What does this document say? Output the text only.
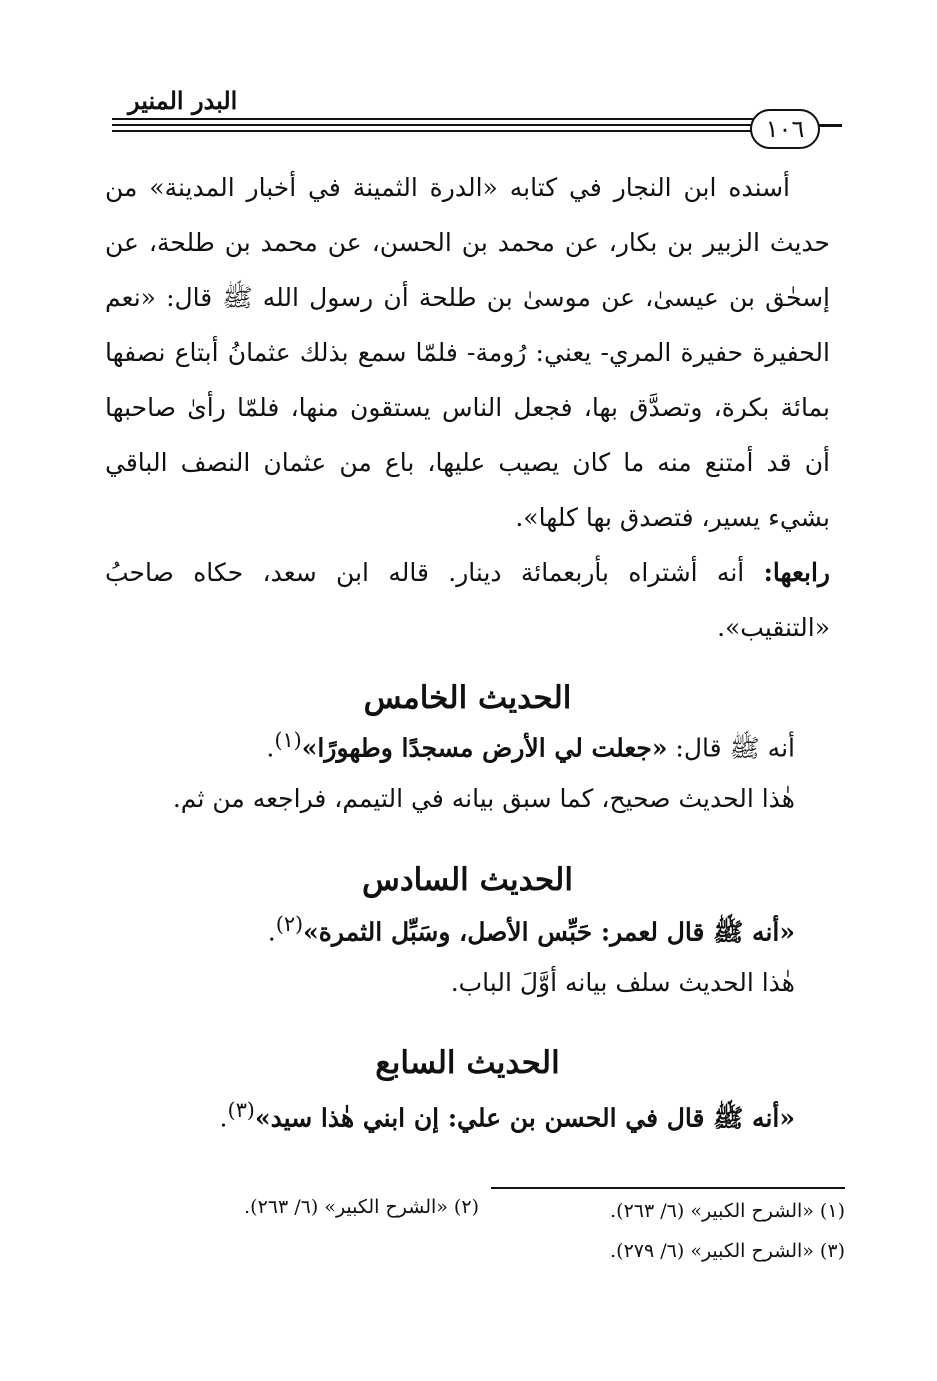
البدر المنير
١٠٦

أسنده ابن النجار في كتابه «الدرة الثمينة في أخبار المدينة» من حديث الزبير بن بكار، عن محمد بن الحسن، عن محمد بن طلحة، عن إسحٰق بن عيسىٰ، عن موسىٰ بن طلحة أن رسول الله ﷺ قال: «نعم الحفيرة حفيرة المري- يعني: رُومة- فلمّا سمع بذلك عثمانُ أبتاع نصفها بمائة بكرة، وتصدَّق بها، فجعل الناس يستقون منها، فلمّا رأىٰ صاحبها أن قد أمتنع منه ما كان يصيب عليها، باع من عثمان النصف الباقي بشيء يسير، فتصدق بها كلها».

رابعها: أنه أشتراه بأربعمائة دينار. قاله ابن سعد، حكاه صاحبُ «التنقيب».

الحديث الخامس
أنه ﷺ قال: «جعلت لي الأرض مسجدًا وطهورًا»$^{(١)}$.
هٰذا الحديث صحيح، كما سبق بيانه في التيمم، فراجعه من ثم.
الحديث السادس
«أنه ﷺ قال لعمر: حَبِّس الأصل، وسَبِّل الثمرة»$^{(٢)}$.
هٰذا الحديث سلف بيانه أوَّلَ الباب.
الحديث السابع
«أنه ﷺ قال في الحسن بن علي: إن ابني هٰذا سيد»$^{(٣)}$.
(١) «الشرح الكبير» (٦/ ٢٦٣).
(٢) «الشرح الكبير» (٦/ ٢٦٣).
(٣) «الشرح الكبير» (٦/ ٢٧٩).
